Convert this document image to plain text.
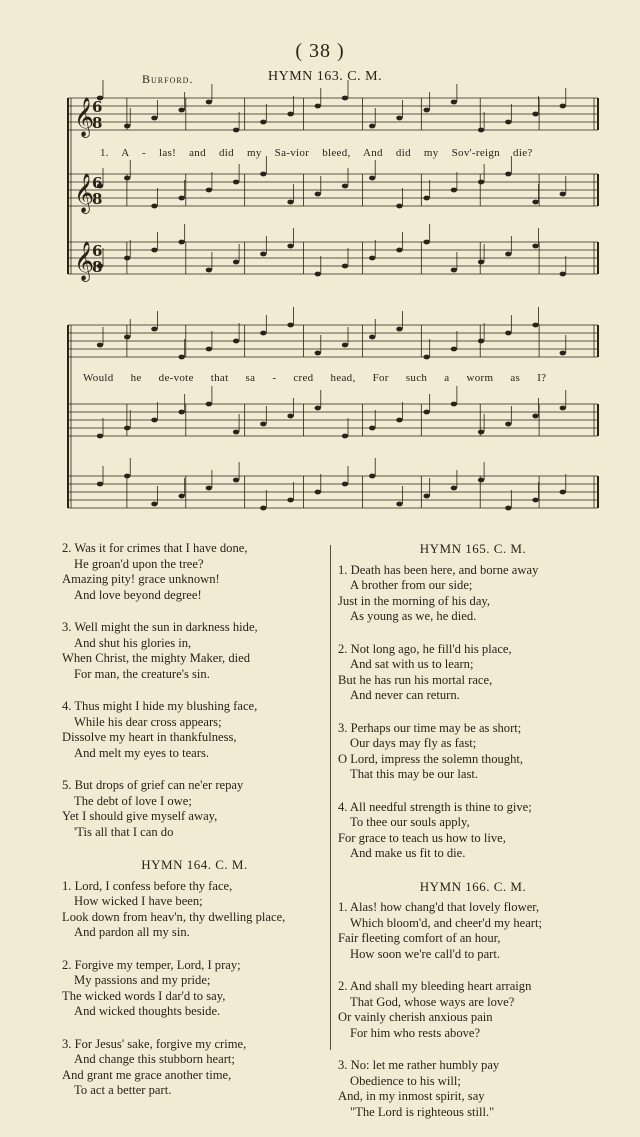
( 38 )
Burford.	HYMN 163. C. M.
𝄞
6
8
𝄞
6
8
𝄞
6
8
1. A - las! and did my Sa-vior bleed, And did my Sov'-reign die?
Would he de-vote that sa - cred head, For such a worm as I?
2. Was it for crimes that I have done,
He groan'd upon the tree?
Amazing pity! grace unknown!
And love beyond degree!
3. Well might the sun in darkness hide,
And shut his glories in,
When Christ, the mighty Maker, died
For man, the creature's sin.
4. Thus might I hide my blushing face,
While his dear cross appears;
Dissolve my heart in thankfulness,
And melt my eyes to tears.
5. But drops of grief can ne'er repay
The debt of love I owe;
Yet I should give myself away,
'Tis all that I can do
HYMN 164. C. M.
1. Lord, I confess before thy face,
How wicked I have been;
Look down from heav'n, thy dwelling place,
And pardon all my sin.
2. Forgive my temper, Lord, I pray;
My passions and my pride;
The wicked words I dar'd to say,
And wicked thoughts beside.
3. For Jesus' sake, forgive my crime,
And change this stubborn heart;
And grant me grace another time,
To act a better part.
HYMN 165. C. M.
1. Death has been here, and borne away
A brother from our side;
Just in the morning of his day,
As young as we, he died.
2. Not long ago, he fill'd his place,
And sat with us to learn;
But he has run his mortal race,
And never can return.
3. Perhaps our time may be as short;
Our days may fly as fast;
O Lord, impress the solemn thought,
That this may be our last.
4. All needful strength is thine to give;
To thee our souls apply,
For grace to teach us how to live,
And make us fit to die.
HYMN 166. C. M.
1. Alas! how chang'd that lovely flower,
Which bloom'd, and cheer'd my heart;
Fair fleeting comfort of an hour,
How soon we're call'd to part.
2. And shall my bleeding heart arraign
That God, whose ways are love?
Or vainly cherish anxious pain
For him who rests above?
3. No: let me rather humbly pay
Obedience to his will;
And, in my inmost spirit, say
"The Lord is righteous still."
